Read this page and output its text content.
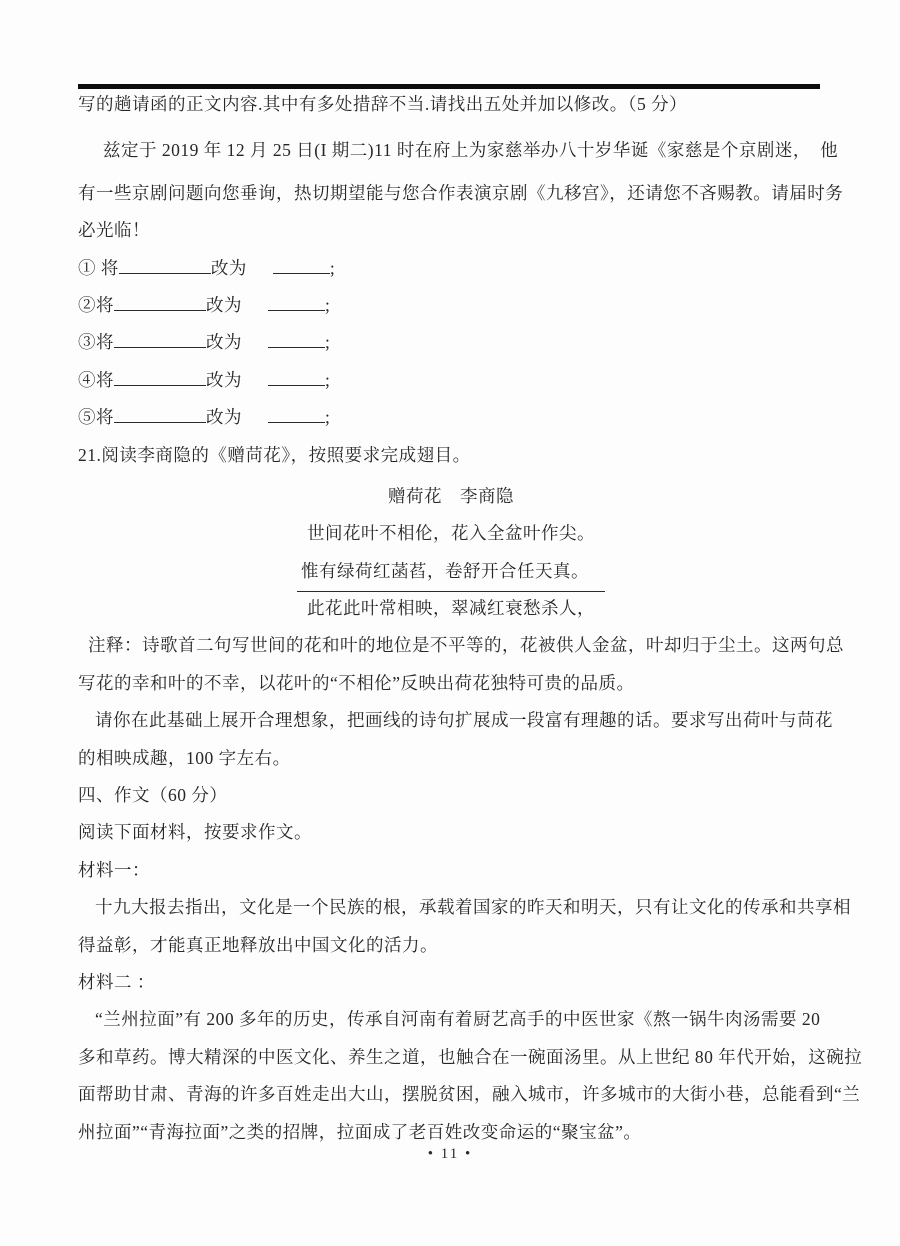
写的趟请函的正文内容.其中有多处措辞不当.请找出五处并加以修改。（5 分）
兹定于 2019 年 12 月 25 日(I 期二)11 时在府上为家慈举办八十岁华诞《家慈是个京剧迷，　他
有一些京剧问题向您垂询，热切期望能与您合作表演京剧《九移宫》，还请您不吝赐教。请届时务
必光临！
① 将	改为	;
②将	改为	;
③将	改为	;
④将	改为	;
⑤将	改为	;
21.阅读李商隐的《赠苘花》，按照要求完成翅目。
赠荷花　李商隐
世间花叶不相伦，花入全盆叶作尖。
惟有绿荷红菡萏，卷舒开合任天真。
此花此叶常相映，翠减红衰愁杀人，
注释：诗歌首二句写世间的花和叶的地位是不平等的，花被供人金盆，叶却归于尘土。这两句总
写花的幸和叶的不幸，以花叶的“不相伦”反映出荷花独特可贵的品质。
请你在此基础上展开合理想象，把画线的诗句扩展成一段富有理趣的话。要求写出荷叶与苘花
的相映成趣，100 字左右。
四、作文（60 分）
阅读下面材料，按要求作文。
材料一：
十九大报去指出，文化是一个民族的根，承载着国家的昨天和明天，只有让文化的传承和共享相
得益彰，才能真正地释放出中国文化的活力。
材料二 ：
“兰州拉面”有 200 多年的历史，传承自河南有着厨艺高手的中医世家《熬一锅牛肉汤需要 20
多和草药。博大精深的中医文化、养生之道，也触合在一碗面汤里。从上世纪 80 年代开始，这碗拉
面帮助甘肃、青海的许多百姓走出大山，摆脱贫困，融入城市，许多城市的大街小巷，总能看到“兰
州拉面”“青海拉面”之类的招牌，拉面成了老百姓改变命运的“聚宝盆”。
• 11 •
